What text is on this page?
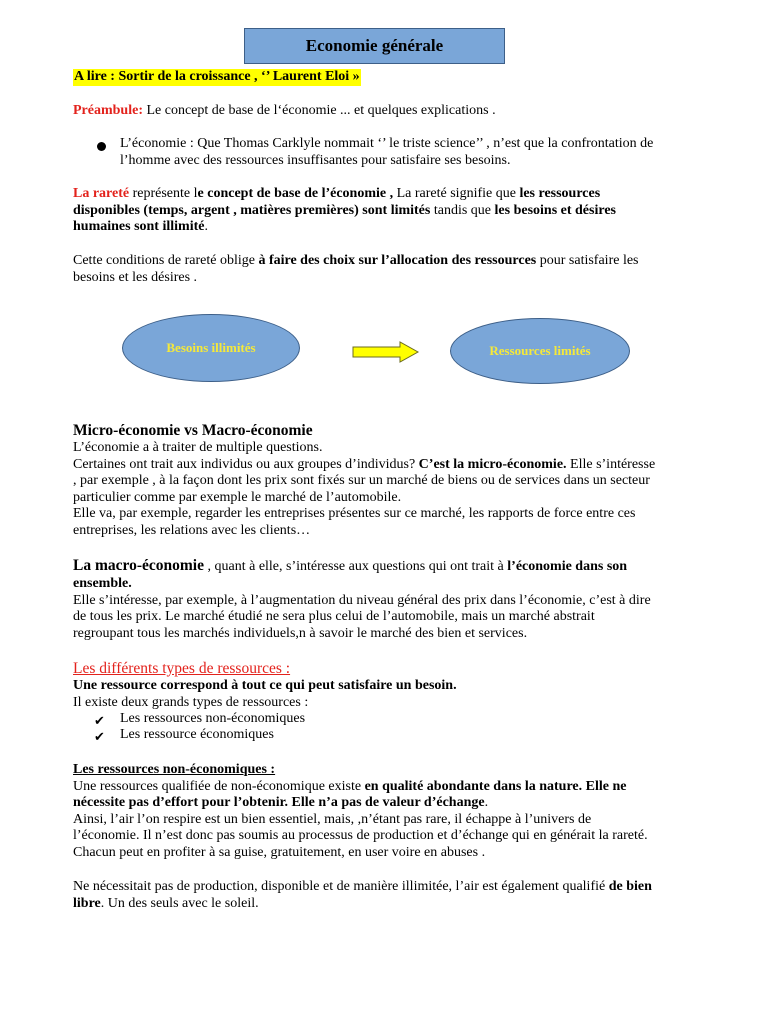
Economie générale
A lire : Sortir de la croissance , ‘’ Laurent Eloi »
Préambule: Le concept de base de l‘économie ... et quelques explications .
L’économie : Que Thomas Carklyle nommait ‘’ le triste science’’ , n’est que la confrontation de
l’homme avec des ressources insuffisantes pour satisfaire ses besoins.
La rareté représente le concept de base de l’économie , La rareté signifie que les ressources
disponibles (temps, argent , matières premières) sont limités tandis que les besoins et désires
humaines sont illimité.
Cette conditions de rareté oblige à faire des choix sur l’allocation des ressources pour satisfaire les
besoins et les désires .
Besoins illimités	Ressources limités
Micro-économie vs Macro-économie
L’économie a à traiter de multiple questions.
Certaines ont trait aux individus ou aux groupes d’individus? C’est la micro-économie. Elle s’intéresse
, par exemple , à la façon dont les prix sont fixés sur un marché de biens ou de services dans un secteur
particulier comme par exemple le marché de l’automobile.
Elle va, par exemple, regarder les entreprises présentes sur ce marché, les rapports de force entre ces
entreprises, les relations avec les clients…
La macro-économie , quant à elle, s’intéresse aux questions qui ont trait à l’économie dans son
ensemble.
Elle s’intéresse, par exemple, à l’augmentation du niveau général des prix dans l’économie, c’est à dire
de tous les prix. Le marché étudié ne sera plus celui de l’automobile, mais un marché abstrait
regroupant tous les marchés individuels,n à savoir le marché des bien et services.
Les différents types de ressources :
Une ressource correspond à tout ce qui peut satisfaire un besoin.
Il existe deux grands types de ressources :
✔ Les ressources non-économiques
✔ Les ressource économiques
Les ressources non-économiques :
Une ressources qualifiée de non-économique existe en qualité abondante dans la nature. Elle ne
nécessite pas d’effort pour l’obtenir. Elle n’a pas de valeur d’échange.
Ainsi, l’air l’on respire est un bien essentiel, mais, ,n’étant pas rare, il échappe à l’univers de
l’économie. Il n’est donc pas soumis au processus de production et d’échange qui en générait la rareté.
Chacun peut en profiter à sa guise, gratuitement, en user voire en abuses .
Ne nécessitait pas de production, disponible et de manière illimitée, l’air est également qualifié de bien
libre. Un des seuls avec le soleil.
